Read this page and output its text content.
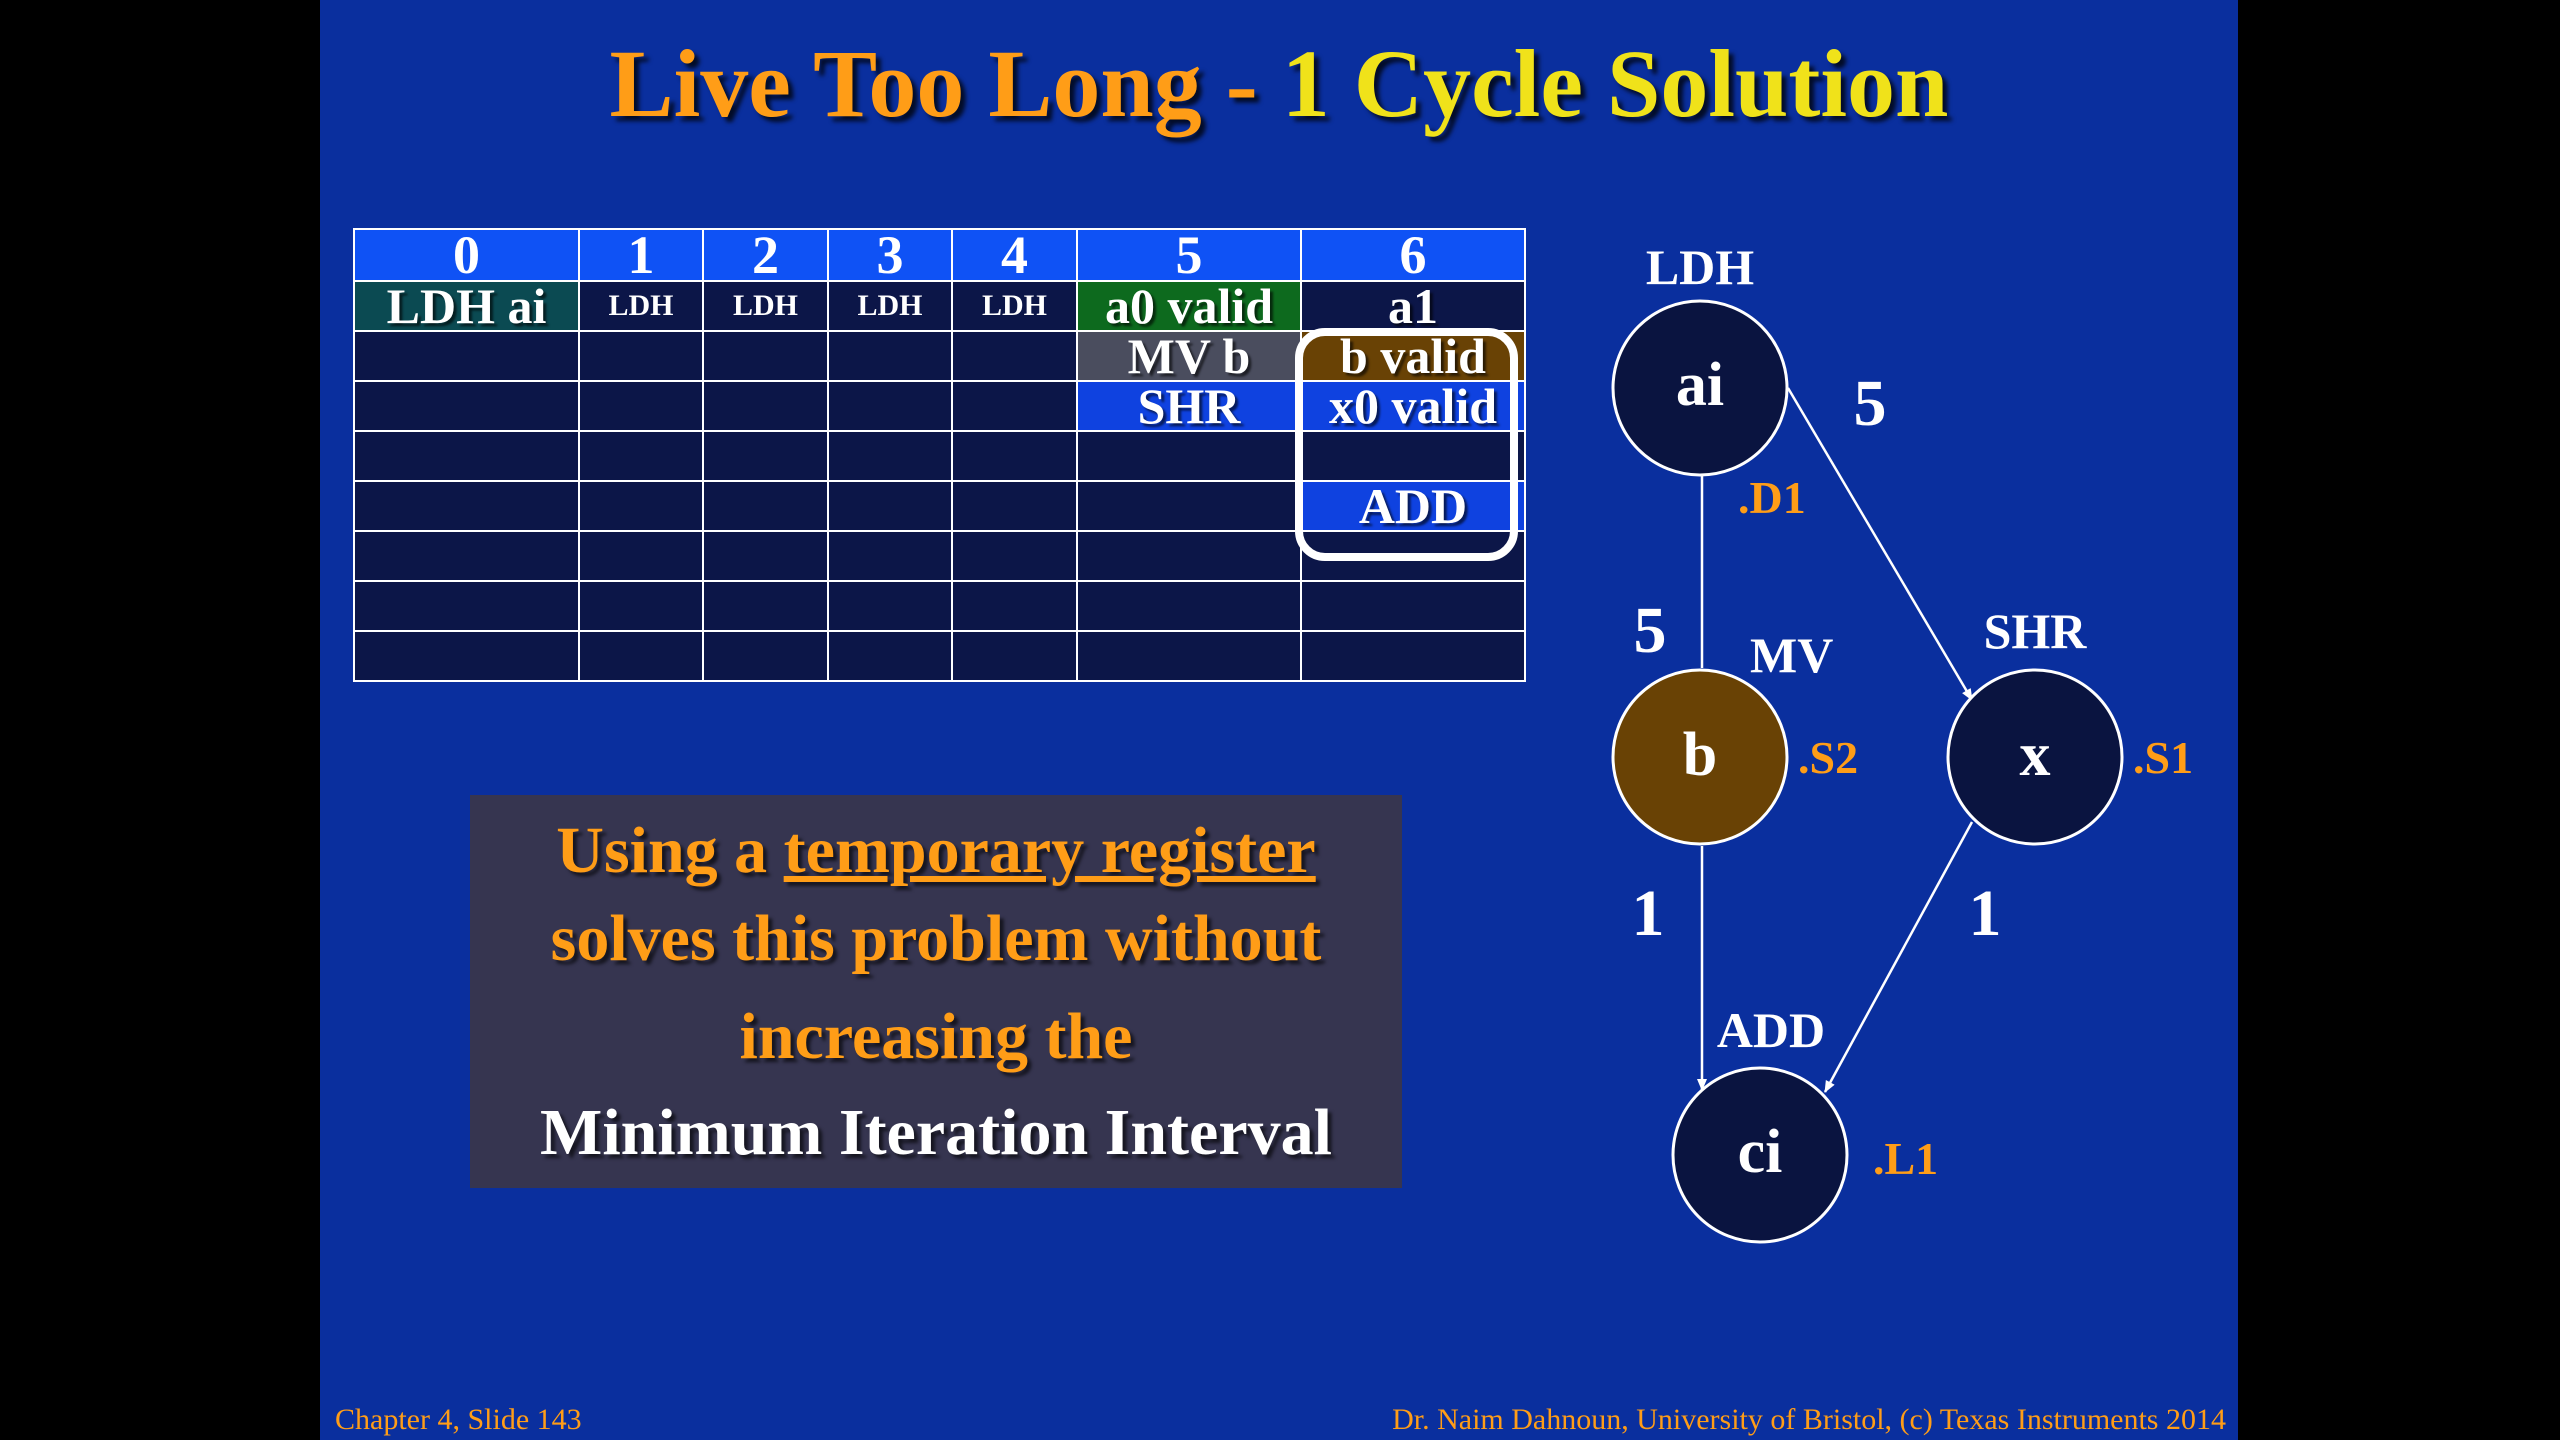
Live Too Long - 1 Cycle Solution
0	1	2	3	4	5	6
LDH ai	LDH	LDH	LDH	LDH	a0 valid	a1
					MV b	b valid
					SHR	x0 valid

						ADD

Using a temporary register
solves this problem without
increasing the
Minimum Iteration Interval
ai
LDH
.D1
b
MV
.S2	x
SHR
.S1
ci
ADD
.L1
5
5
1	1
Chapter 4, Slide 143	Dr. Naim Dahnoun, University of Bristol, (c) Texas Instruments 2014
